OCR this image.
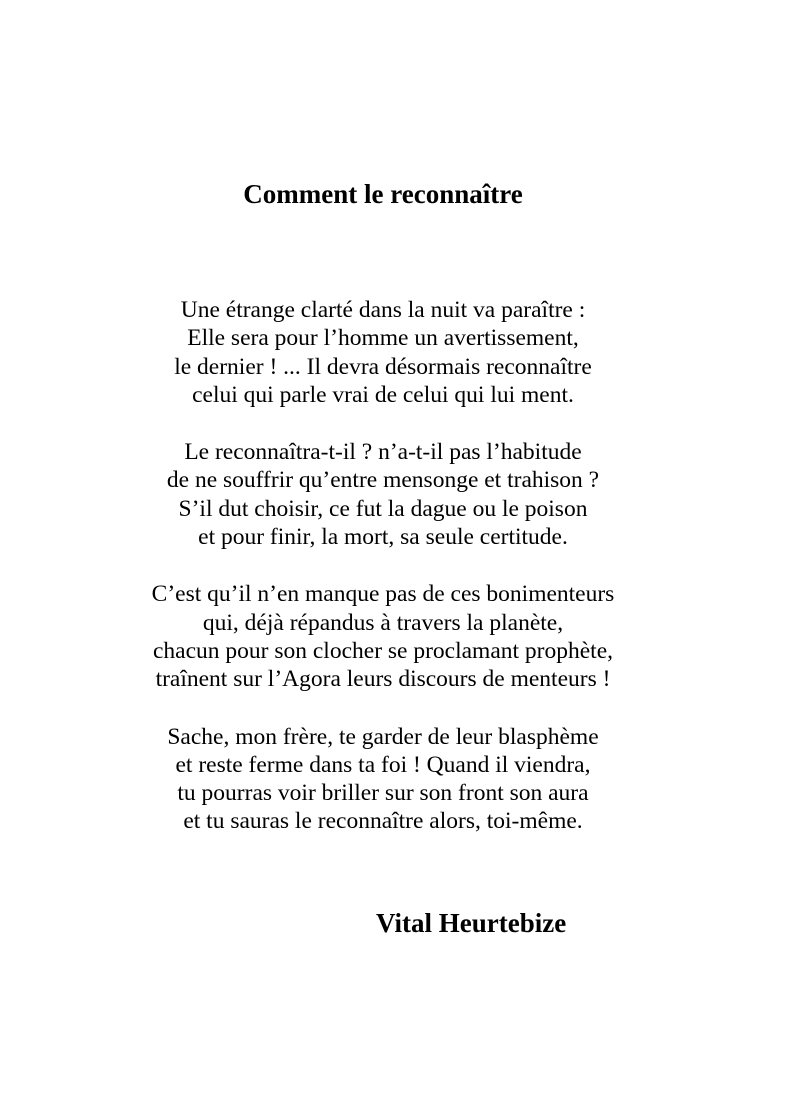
Comment le reconnaître
Une étrange clarté dans la nuit va paraître :
Elle sera pour l’homme un avertissement,
le dernier ! ... Il devra désormais reconnaître
celui qui parle vrai de celui qui lui ment.
Le reconnaîtra-t-il ? n’a-t-il pas l’habitude
de ne souffrir qu’entre mensonge et trahison ?
S’il dut choisir, ce fut la dague ou le poison
et pour finir, la mort, sa seule certitude.
C’est qu’il n’en manque pas de ces bonimenteurs
qui, déjà répandus à travers la planète,
chacun pour son clocher se proclamant prophète,
traînent sur l’Agora leurs discours de menteurs !
Sache, mon frère, te garder de leur blasphème
et reste ferme dans ta foi ! Quand il viendra,
tu pourras voir briller sur son front son aura
et tu sauras le reconnaître alors, toi-même.

Vital Heurtebize
